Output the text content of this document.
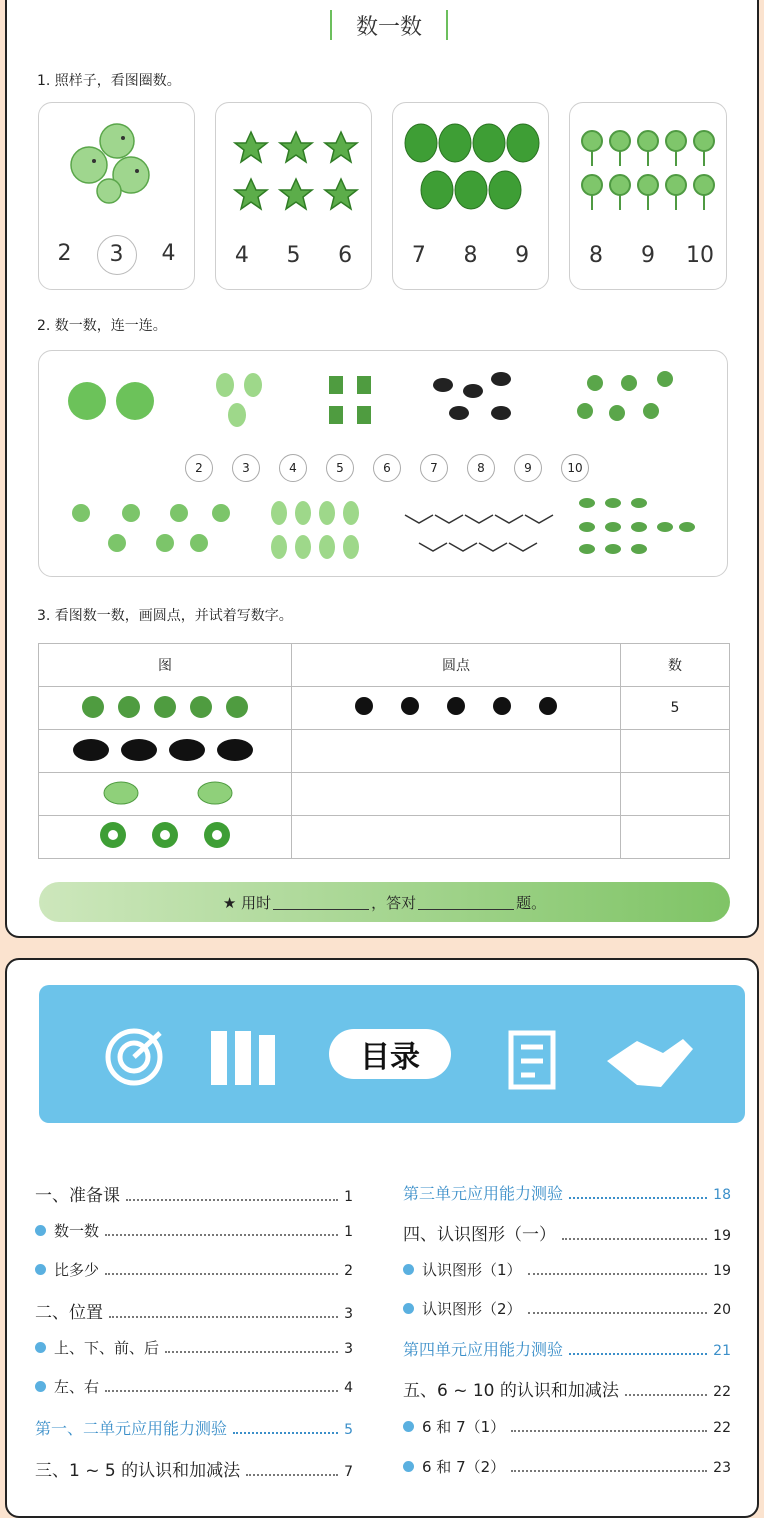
数一数
1. 照样子，看图圈数。
2	3	4	4	5	6	7	8	9	8	9	10
2. 数一数，连一连。
2	3	4	5	6	7	8	9	10
3. 看图数一数，画圆点，并试着写数字。
图	圆点	数
		5

★ 用时	，答对	题。
目录
一、准备课	1
数一数	1
比多少	2
二、位置	3
上、下、前、后	3
左、右	4
第一、二单元应用能力测验	5
三、1 ~ 5 的认识和加减法	7
第三单元应用能力测验	18
四、认识图形（一）	19
认识图形（1）	19
认识图形（2）	20
第四单元应用能力测验	21
五、6 ~ 10 的认识和加减法	22
6 和 7（1）	22
6 和 7（2）	23
